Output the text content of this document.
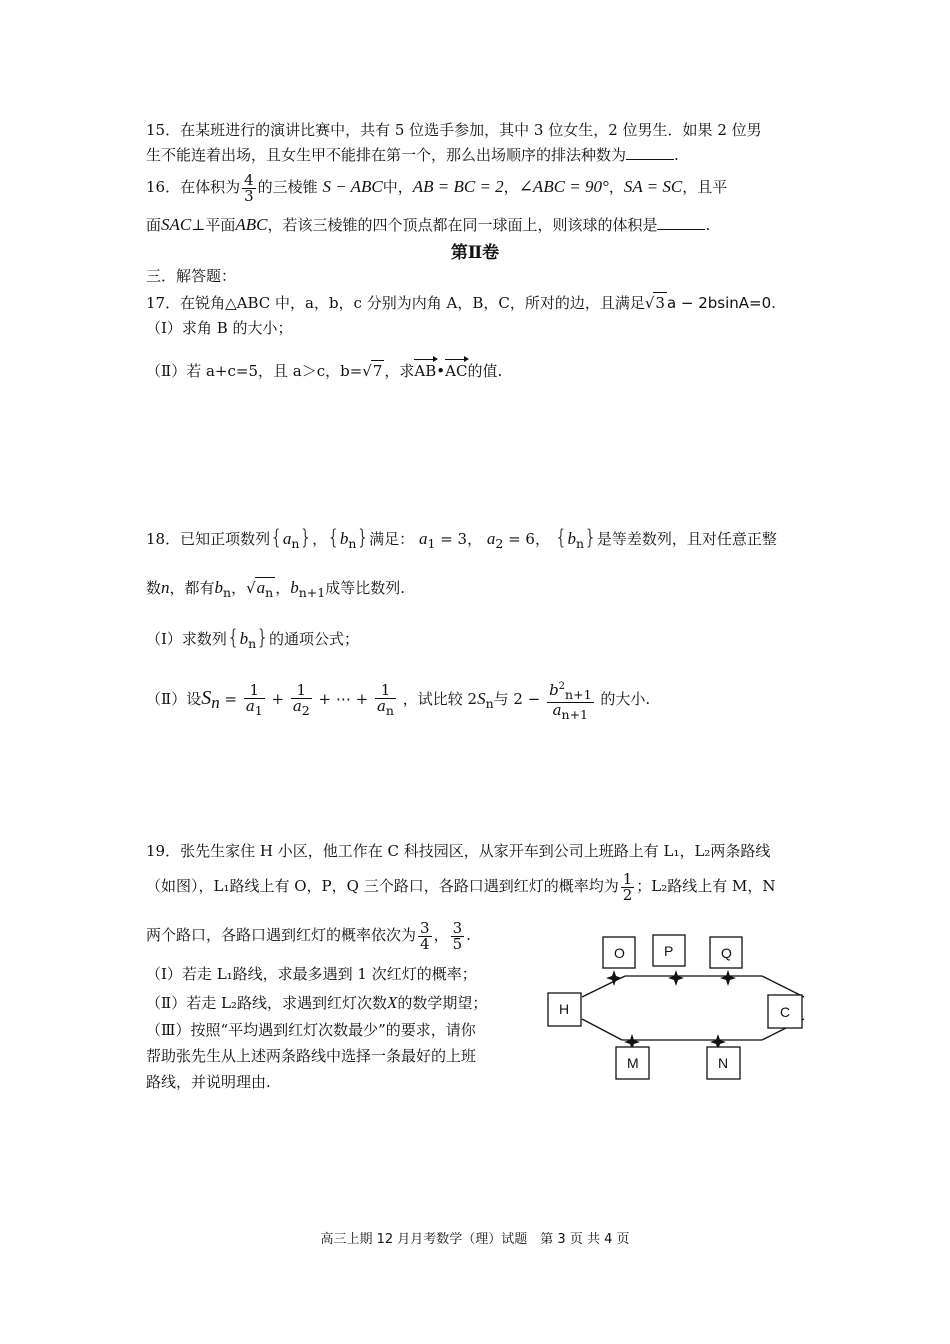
15．在某班进行的演讲比赛中，共有 5 位选手参加，其中 3 位女生，2 位男生．如果 2 位男
生不能连着出场，且女生甲不能排在第一个，那么出场顺序的排法种数为	.
16．在体积为 $\frac{4}{3}$ 的三棱锥 S − ABC中，AB = BC = 2，∠ABC = 90°，SA = SC，且平
面SAC⊥平面ABC，若该三棱锥的四个顶点都在同一球面上，则该球的体积是	.
第Ⅱ卷
三．解答题：
17．在锐角△ABC 中，a，b，c 分别为内角 A，B，C，所对的边，且满足√3 a − 2bsinA=0.
（Ⅰ）求角 B 的大小；
（Ⅱ）若 a+c=5，且 a＞c，b=√7 ，求AB•AC的值.
18．已知正项数列$\{a_n\}$，$\{b_n\}$满足： $a_1 = 3$， $a_2 = 6$， $\{b_n\}$是等差数列，且对任意正整
数n，都有$b_n$，$√a_n$ ，$b_{n+1}$成等比数列.
（Ⅰ）求数列$\{b_n\}$的通项公式；
（Ⅱ）设$S_n = \frac{1}{a_1} + \frac{1}{a_2}$ + ⋯ + $\frac{1}{a_n}$ ，试比较 $2S_n$与 $2 - \frac{b^2_{n+1}}{a_{n+1}}$ 的大小.
19．张先生家住 H 小区，他工作在 C 科技园区，从家开车到公司上班路上有 L₁，L₂两条路线
（如图），L₁路线上有 O，P，Q 三个路口，各路口遇到红灯的概率均为 $\frac{1}{2}$ ；L₂路线上有 M，N
两个路口，各路口遇到红灯的概率依次为 $\frac{3}{4}$ ， $\frac{3}{5}$ .
（Ⅰ）若走 L₁路线，求最多遇到 1 次红灯的概率；
（Ⅱ）若走 L₂路线，求遇到红灯次数X的数学期望；
（Ⅲ）按照“平均遇到红灯次数最少”的要求，请你
帮助张先生从上述两条路线中选择一条最好的上班
路线，并说明理由.
O	P	Q
H	C
M	N
高三上期 12 月月考数学（理）试题　第 3 页 共 4 页
